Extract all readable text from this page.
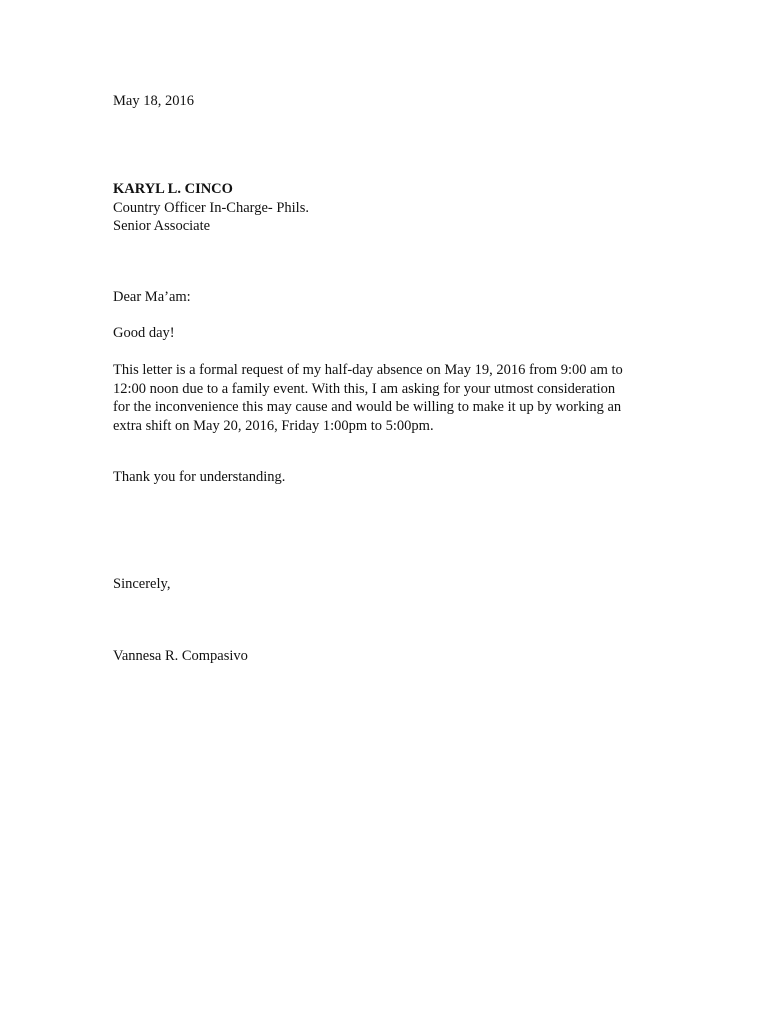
May 18, 2016

KARYL L. CINCO

Country Officer In-Charge- Phils.

Senior Associate

Dear Ma’am:

Good day!

This letter is a formal request of my half-day absence on May 19, 2016 from 9:00 am to
12:00 noon due to a family event. With this, I am asking for your utmost consideration
for the inconvenience this may cause and would be willing to make it up by working an
extra shift on May 20, 2016, Friday 1:00pm to 5:00pm.

Thank you for understanding.

Sincerely,

Vannesa R. Compasivo
